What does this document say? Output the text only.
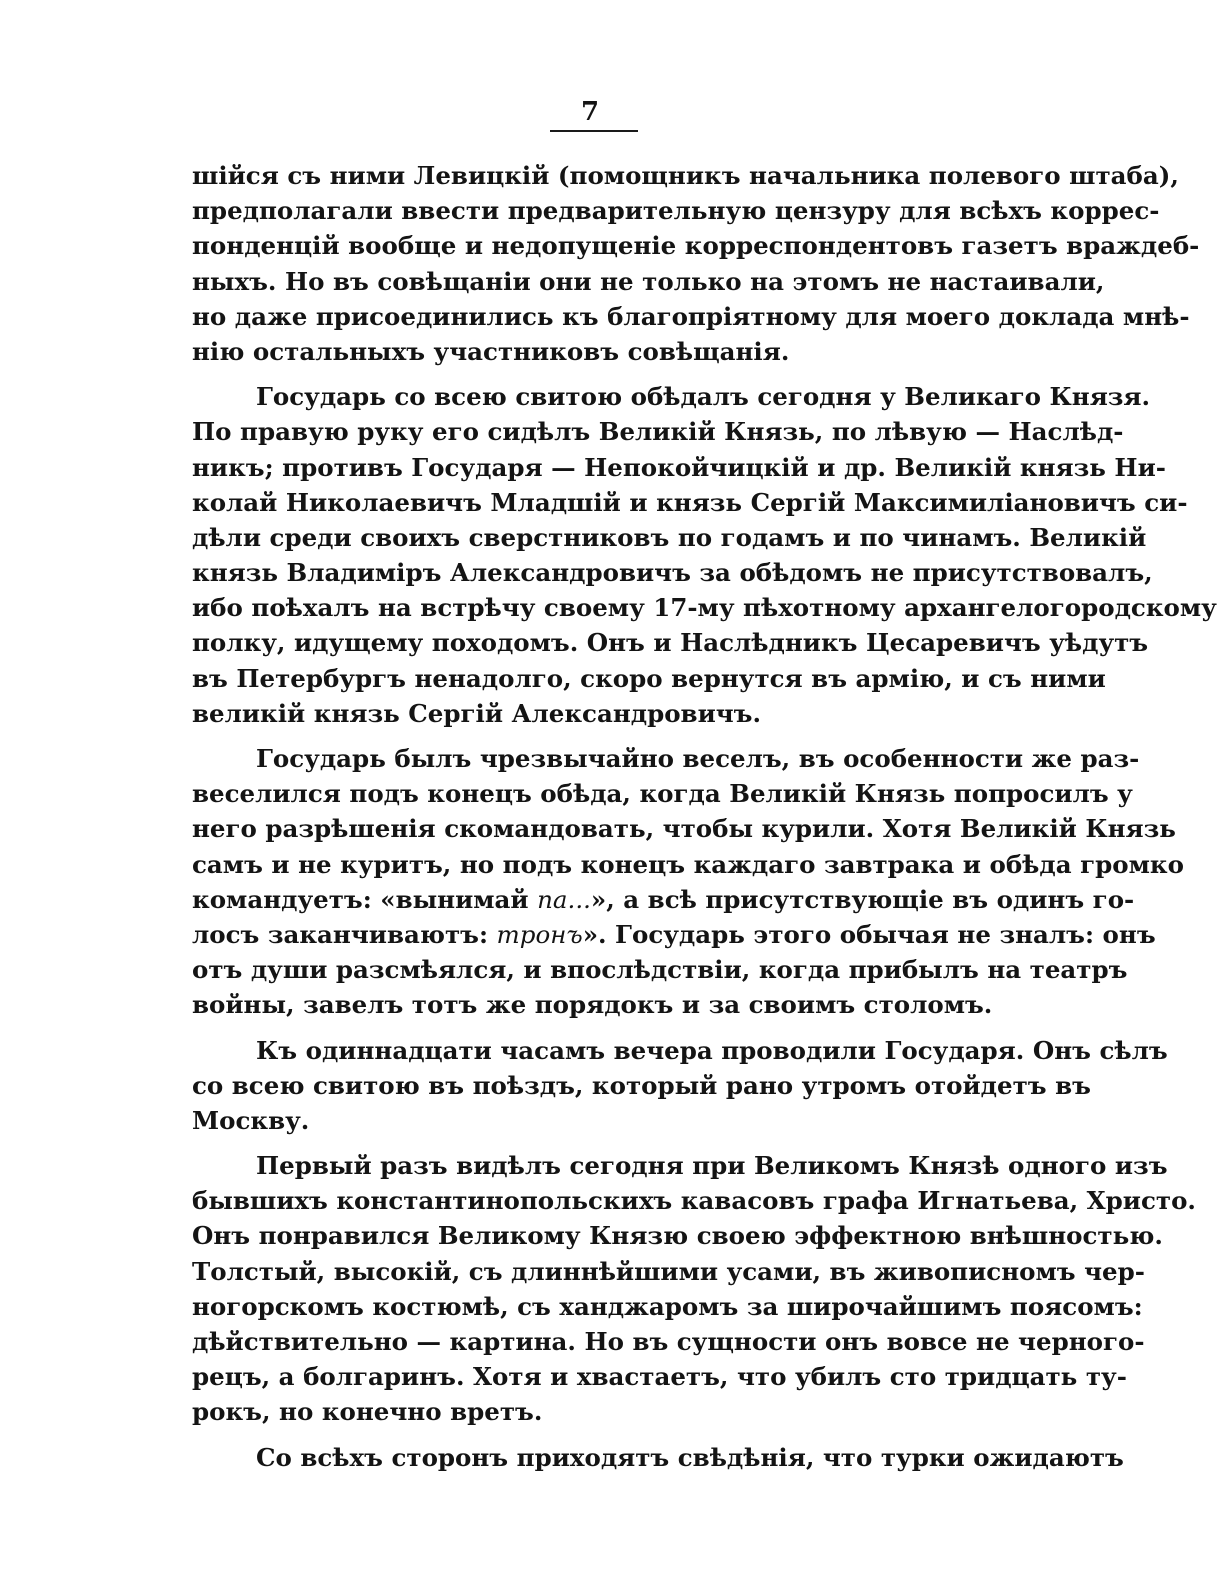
7
шійся съ ними Левицкій (помощникъ начальника полевого штаба),
предполагали ввести предварительную цензуру для всѣхъ коррес-
понденцій вообще и недопущеніе корреспондентовъ газетъ враждеб-
ныхъ. Но въ совѣщаніи они не только на этомъ не настаивали,
но даже присоединились къ благопріятному для моего доклада мнѣ-
нію остальныхъ участниковъ совѣщанія.
Государь со всею свитою обѣдалъ сегодня у Великаго Князя.
По правую руку его сидѣлъ Великій Князь, по лѣвую — Наслѣд-
никъ; противъ Государя — Непокойчицкій и др. Великій князь Ни-
колай Николаевичъ Младшій и князь Сергій Максимиліановичъ си-
дѣли среди своихъ сверстниковъ по годамъ и по чинамъ. Великій
князь Владиміръ Александровичъ за обѣдомъ не присутствовалъ,
ибо поѣхалъ на встрѣчу своему 17-му пѣхотному архангелогородскому
полку, идущему походомъ. Онъ и Наслѣдникъ Цесаревичъ уѣдутъ
въ Петербургъ ненадолго, скоро вернутся въ армію, и съ ними
великій князь Сергій Александровичъ.
Государь былъ чрезвычайно веселъ, въ особенности же раз-
веселился подъ конецъ обѣда, когда Великій Князь попросилъ у
него разрѣшенія скомандовать, чтобы курили. Хотя Великій Князь
самъ и не куритъ, но подъ конецъ каждаго завтрака и обѣда громко
командуетъ: «вынимай па...», а всѣ присутствующіе въ одинъ го-
лосъ заканчиваютъ: тронъ». Государь этого обычая не зналъ: онъ
отъ души разсмѣялся, и впослѣдствіи, когда прибылъ на театръ
войны, завелъ тотъ же порядокъ и за своимъ столомъ.
Къ одиннадцати часамъ вечера проводили Государя. Онъ сѣлъ
со всею свитою въ поѣздъ, который рано утромъ отойдетъ въ
Москву.
Первый разъ видѣлъ сегодня при Великомъ Князѣ одного изъ
бывшихъ константинопольскихъ кавасовъ графа Игнатьева, Христо.
Онъ понравился Великому Князю своею эффектною внѣшностью.
Толстый, высокій, съ длиннѣйшими усами, въ живописномъ чер-
ногорскомъ костюмѣ, съ ханджаромъ за широчайшимъ поясомъ:
дѣйствительно — картина. Но въ сущности онъ вовсе не черного-
рецъ, а болгаринъ. Хотя и хвастаетъ, что убилъ сто тридцать ту-
рокъ, но конечно вретъ.
Со всѣхъ сторонъ приходятъ свѣдѣнія, что турки ожидаютъ
